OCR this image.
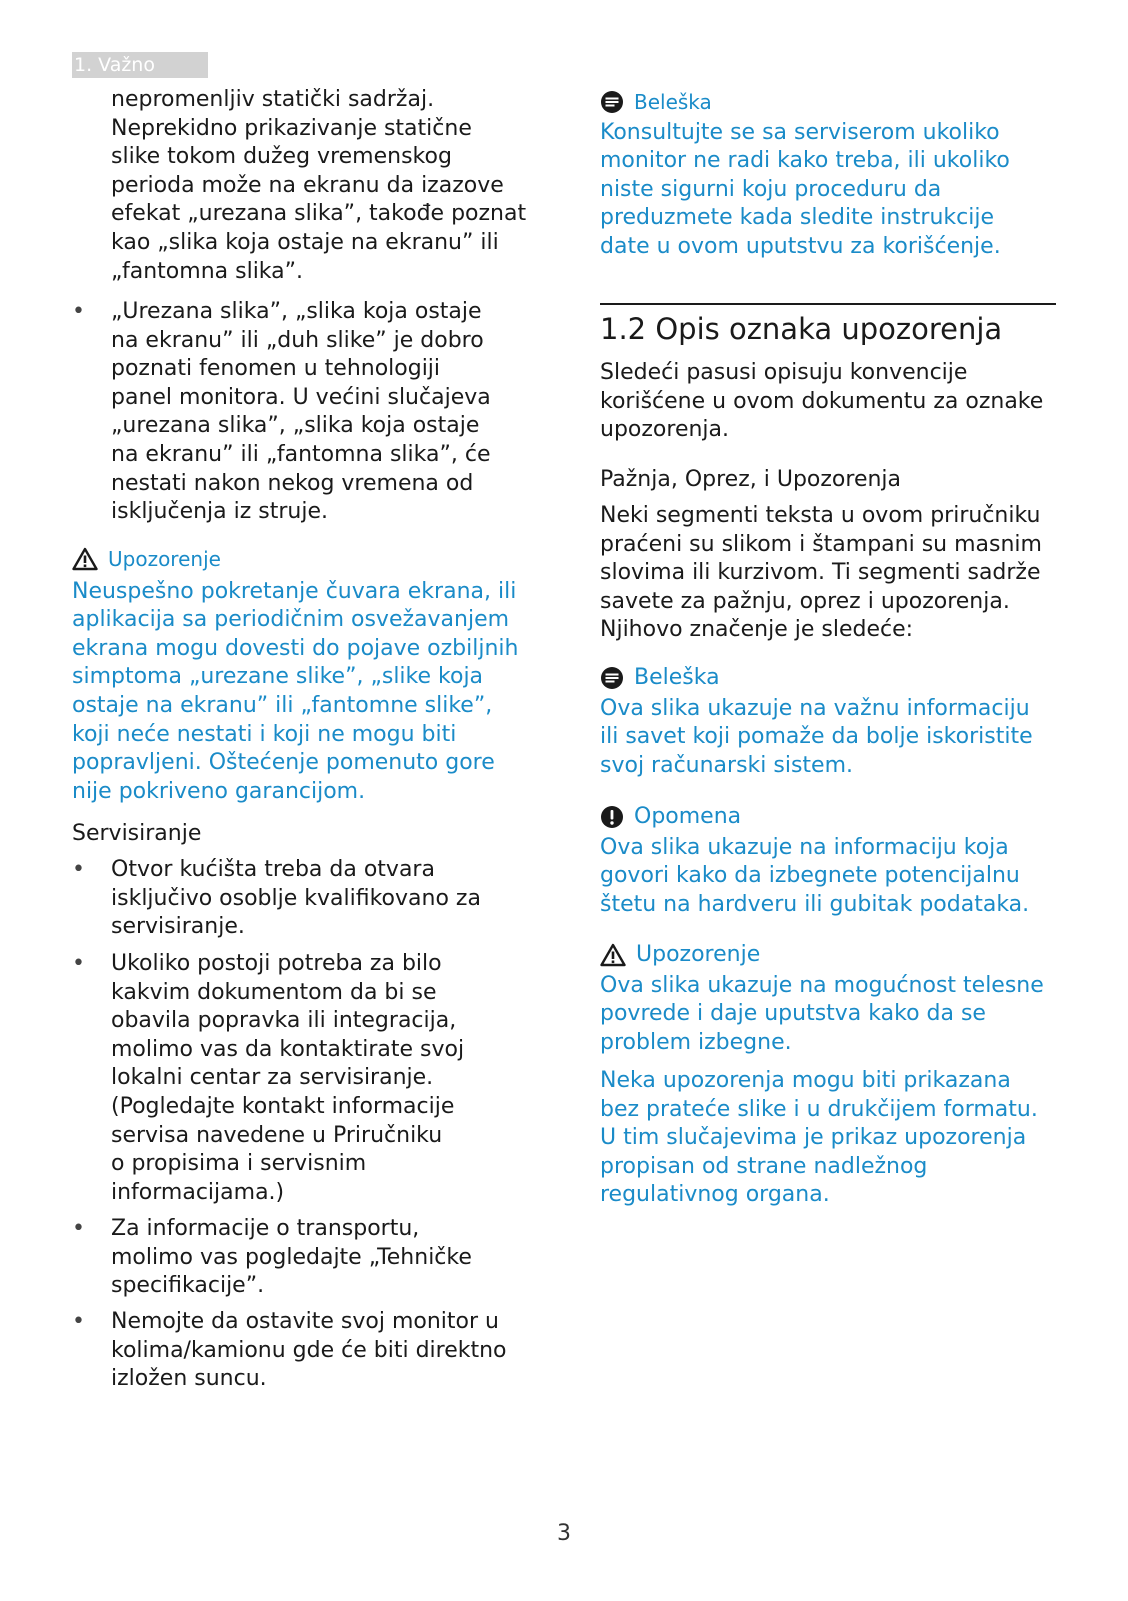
1. Važno
nepromenljiv statički sadržaj.
Neprekidno prikazivanje statične
slike tokom dužeg vremenskog
perioda može na ekranu da izazove
efekat „urezana slika”, takođe poznat
kao „slika koja ostaje na ekranu” ili
„fantomna slika”.
• „Urezana slika”, „slika koja ostaje
na ekranu” ili „duh slike” je dobro
poznati fenomen u tehnologiji
panel monitora. U većini slučajeva
„urezana slika”, „slika koja ostaje
na ekranu” ili „fantomna slika”, će
nestati nakon nekog vremena od
isključenja iz struje.
Upozorenje
Neuspešno pokretanje čuvara ekrana, ili
aplikacija sa periodičnim osvežavanjem
ekrana mogu dovesti do pojave ozbiljnih
simptoma „urezane slike”, „slike koja
ostaje na ekranu” ili „fantomne slike”,
koji neće nestati i koji ne mogu biti
popravljeni. Oštećenje pomenuto gore
nije pokriveno garancijom.
Servisiranje
• Otvor kućišta treba da otvara
isključivo osoblje kvalifikovano za
servisiranje.
• Ukoliko postoji potreba za bilo
kakvim dokumentom da bi se
obavila popravka ili integracija,
molimo vas da kontaktirate svoj
lokalni centar za servisiranje.
(Pogledajte kontakt informacije
servisa navedene u Priručniku
o propisima i servisnim
informacijama.)
• Za informacije o transportu,
molimo vas pogledajte „Tehničke
specifikacije”.
• Nemojte da ostavite svoj monitor u
kolima/kamionu gde će biti direktno
izložen suncu.
Beleška
Konsultujte se sa serviserom ukoliko
monitor ne radi kako treba, ili ukoliko
niste sigurni koju proceduru da
preduzmete kada sledite instrukcije
date u ovom uputstvu za korišćenje.
1.2 Opis oznaka upozorenja
Sledeći pasusi opisuju konvencije
korišćene u ovom dokumentu za oznake
upozorenja.
Pažnja, Oprez, i Upozorenja
Neki segmenti teksta u ovom priručniku
praćeni su slikom i štampani su masnim
slovima ili kurzivom. Ti segmenti sadrže
savete za pažnju, oprez i upozorenja.
Njihovo značenje je sledeće:
Beleška
Ova slika ukazuje na važnu informaciju
ili savet koji pomaže da bolje iskoristite
svoj računarski sistem.
Opomena
Ova slika ukazuje na informaciju koja
govori kako da izbegnete potencijalnu
štetu na hardveru ili gubitak podataka.
Upozorenje
Ova slika ukazuje na mogućnost telesne
povrede i daje uputstva kako da se
problem izbegne.
Neka upozorenja mogu biti prikazana
bez prateće slike i u drukčijem formatu.
U tim slučajevima je prikaz upozorenja
propisan od strane nadležnog
regulativnog organa.
3
